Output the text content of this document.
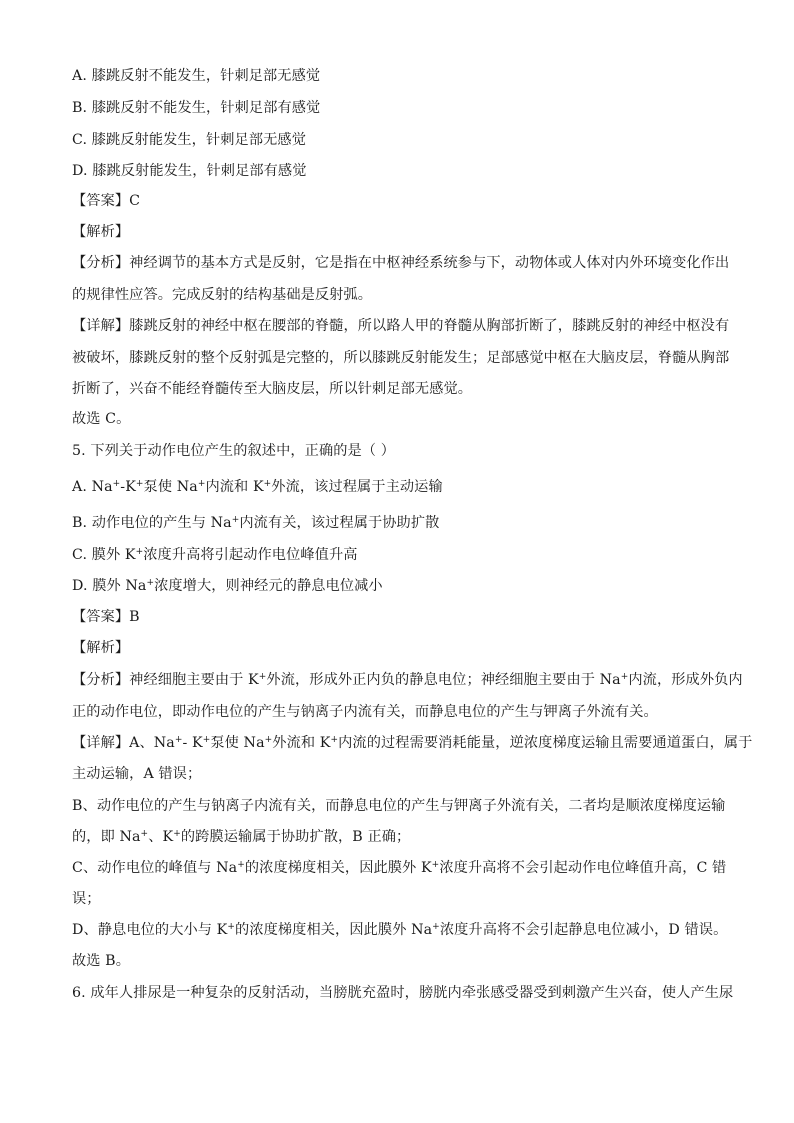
A. 膝跳反射不能发生，针刺足部无感觉
B. 膝跳反射不能发生，针刺足部有感觉
C. 膝跳反射能发生，针刺足部无感觉
D. 膝跳反射能发生，针刺足部有感觉
【答案】C
【解析】
【分析】神经调节的基本方式是反射，它是指在中枢神经系统参与下，动物体或人体对内外环境变化作出
的规律性应答。完成反射的结构基础是反射弧。
【详解】膝跳反射的神经中枢在腰部的脊髓，所以路人甲的脊髓从胸部折断了，膝跳反射的神经中枢没有
被破坏，膝跳反射的整个反射弧是完整的，所以膝跳反射能发生；足部感觉中枢在大脑皮层，脊髓从胸部
折断了，兴奋不能经脊髓传至大脑皮层，所以针刺足部无感觉。
故选 C。
5. 下列关于动作电位产生的叙述中，正确的是（ ）
A. Na+-K+泵使 Na+内流和 K+外流，该过程属于主动运输
B. 动作电位的产生与 Na+内流有关，该过程属于协助扩散
C. 膜外 K+浓度升高将引起动作电位峰值升高
D. 膜外 Na+浓度增大，则神经元的静息电位减小
【答案】B
【解析】
【分析】神经细胞主要由于 K+外流，形成外正内负的静息电位；神经细胞主要由于 Na+内流，形成外负内
正的动作电位，即动作电位的产生与钠离子内流有关，而静息电位的产生与钾离子外流有关。
【详解】A、Na+- K+泵使 Na+外流和 K+内流的过程需要消耗能量，逆浓度梯度运输且需要通道蛋白，属于
主动运输，A 错误；
B、动作电位的产生与钠离子内流有关，而静息电位的产生与钾离子外流有关，二者均是顺浓度梯度运输
的，即 Na+、K+的跨膜运输属于协助扩散，B 正确；
C、动作电位的峰值与 Na+的浓度梯度相关，因此膜外 K+浓度升高将不会引起动作电位峰值升高，C 错
误；
D、静息电位的大小与 K+的浓度梯度相关，因此膜外 Na+浓度升高将不会引起静息电位减小，D 错误。
故选 B。
6. 成年人排尿是一种复杂的反射活动，当膀胱充盈时，膀胱内牵张感受器受到刺激产生兴奋，使人产生尿
